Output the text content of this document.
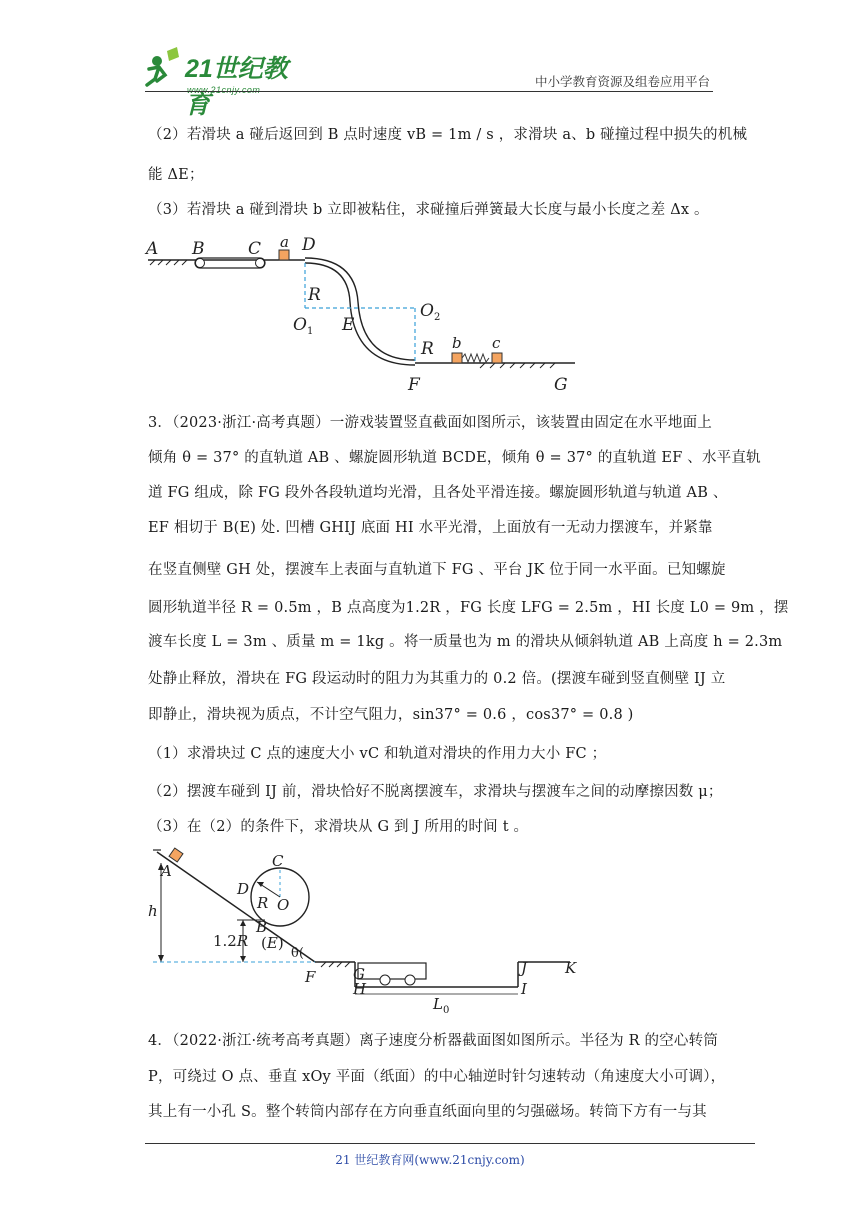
21世纪教育
www.21cnjy.com
中小学教育资源及组卷应用平台
（2）若滑块 a 碰后返回到 B 点时速度 vB = 1m / s ，求滑块 a、b 碰撞过程中损失的机械
能 ΔE；
（3）若滑块 a 碰到滑块 b 立即被粘住，求碰撞后弹簧最大长度与最小长度之差 Δx 。
A B	C a D
R
$O_1$ E
$O_2$
R b c
F	G
3．（2023·浙江·高考真题）一游戏装置竖直截面如图所示，该装置由固定在水平地面上
倾角 θ = 37° 的直轨道 AB 、螺旋圆形轨道 BCDE，倾角 θ = 37° 的直轨道 EF 、水平直轨
道 FG 组成，除 FG 段外各段轨道均光滑，且各处平滑连接。螺旋圆形轨道与轨道 AB 、
EF 相切于 B(E) 处. 凹槽 GHIJ 底面 HI 水平光滑，上面放有一无动力摆渡车，并紧靠
在竖直侧壁 GH 处，摆渡车上表面与直轨道下 FG 、平台 JK 位于同一水平面。已知螺旋
圆形轨道半径 R = 0.5m ，B 点高度为1.2R ，FG 长度 LFG = 2.5m ，HI 长度 L0 = 9m ，摆
渡车长度 L = 3m 、质量 m = 1kg 。将一质量也为 m 的滑块从倾斜轨道 AB 上高度 h = 2.3m
处静止释放，滑块在 FG 段运动时的阻力为其重力的 0.2 倍。(摆渡车碰到竖直侧壁 IJ 立
即静止，滑块视为质点，不计空气阻力，sin37° = 0.6 ，cos37° = 0.8 )
（1）求滑块过 C 点的速度大小 vC 和轨道对滑块的作用力大小 FC ；
（2）摆渡车碰到 IJ 前，滑块恰好不脱离摆渡车，求滑块与摆渡车之间的动摩擦因数 μ；
（3）在（2）的条件下，求滑块从 G 到 J 所用的时间 t 。
A
C
D
R O
h
B
1.2R (E)
θ(
F	G
H
J	K
I
$L_0$
4．（2022·浙江·统考高考真题）离子速度分析器截面图如图所示。半径为 R 的空心转筒
P，可绕过 O 点、垂直 xOy 平面（纸面）的中心轴逆时针匀速转动（角速度大小可调），
其上有一小孔 S。整个转筒内部存在方向垂直纸面向里的匀强磁场。转筒下方有一与其
21 世纪教育网(www.21cnjy.com)
